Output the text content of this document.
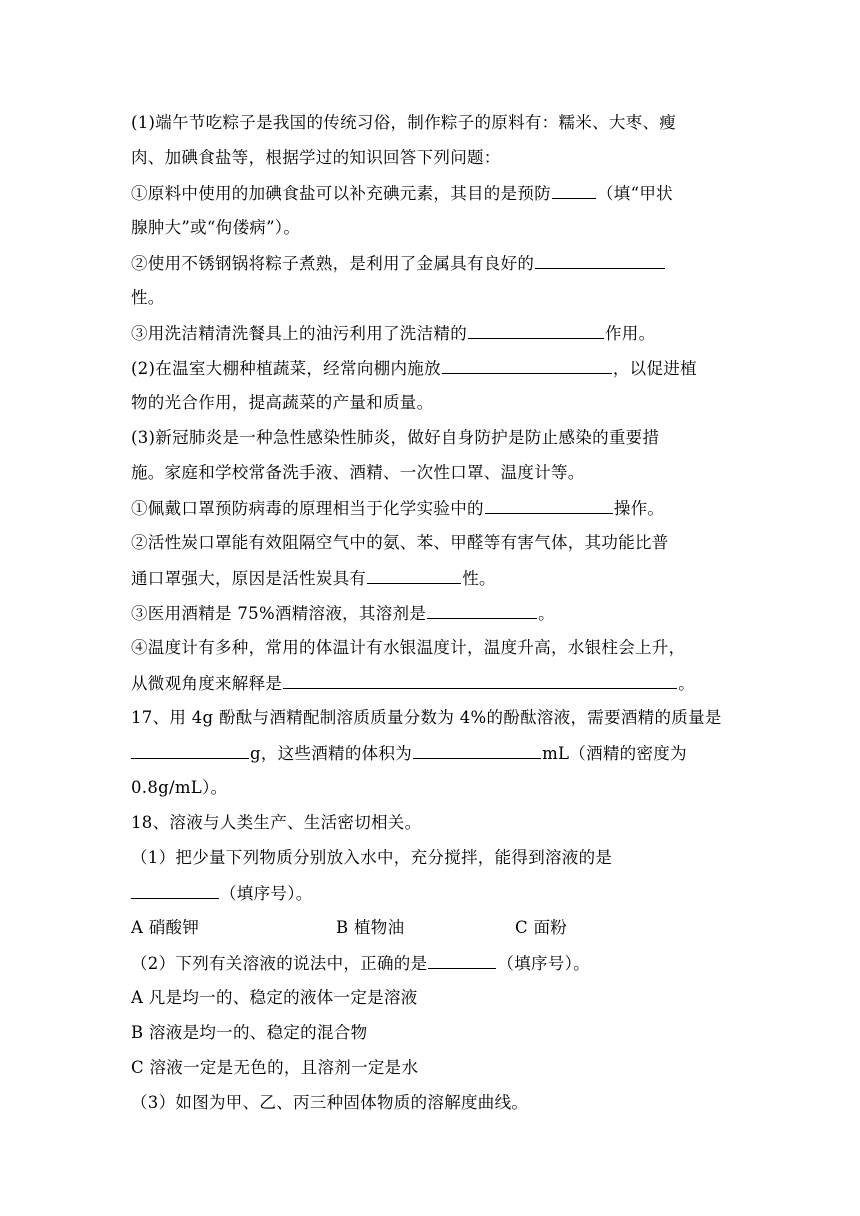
(1)端午节吃粽子是我国的传统习俗，制作粽子的原料有：糯米、大枣、瘦
肉、加碘食盐等，根据学过的知识回答下列问题：
①原料中使用的加碘食盐可以补充碘元素，其目的是预防	（填“甲状
腺肿大”或“佝偻病”）。
②使用不锈钢锅将粽子煮熟，是利用了金属具有良好的
性。
③用洗洁精清洗餐具上的油污利用了洗洁精的	作用。
(2)在温室大棚种植蔬菜，经常向棚内施放	，以促进植
物的光合作用，提高蔬菜的产量和质量。
(3)新冠肺炎是一种急性感染性肺炎，做好自身防护是防止感染的重要措
施。家庭和学校常备洗手液、酒精、一次性口罩、温度计等。
①佩戴口罩预防病毒的原理相当于化学实验中的	操作。
②活性炭口罩能有效阻隔空气中的氨、苯、甲醛等有害气体，其功能比普
通口罩强大，原因是活性炭具有	性。
③医用酒精是 75%酒精溶液，其溶剂是	。
④温度计有多种，常用的体温计有水银温度计，温度升高，水银柱会上升，
从微观角度来解释是	。
17、用 4g 酚酞与酒精配制溶质质量分数为 4%的酚酞溶液，需要酒精的质量是
g，这些酒精的体积为	mL（酒精的密度为
0.8g/mL）。
18、溶液与人类生产、生活密切相关。
（1）把少量下列物质分别放入水中，充分搅拌，能得到溶液的是
（填序号）。
A 硝酸钾	B 植物油	C 面粉
（2）下列有关溶液的说法中，正确的是	（填序号）。
A 凡是均一的、稳定的液体一定是溶液
B 溶液是均一的、稳定的混合物
C 溶液一定是无色的，且溶剂一定是水
（3）如图为甲、乙、丙三种固体物质的溶解度曲线。
